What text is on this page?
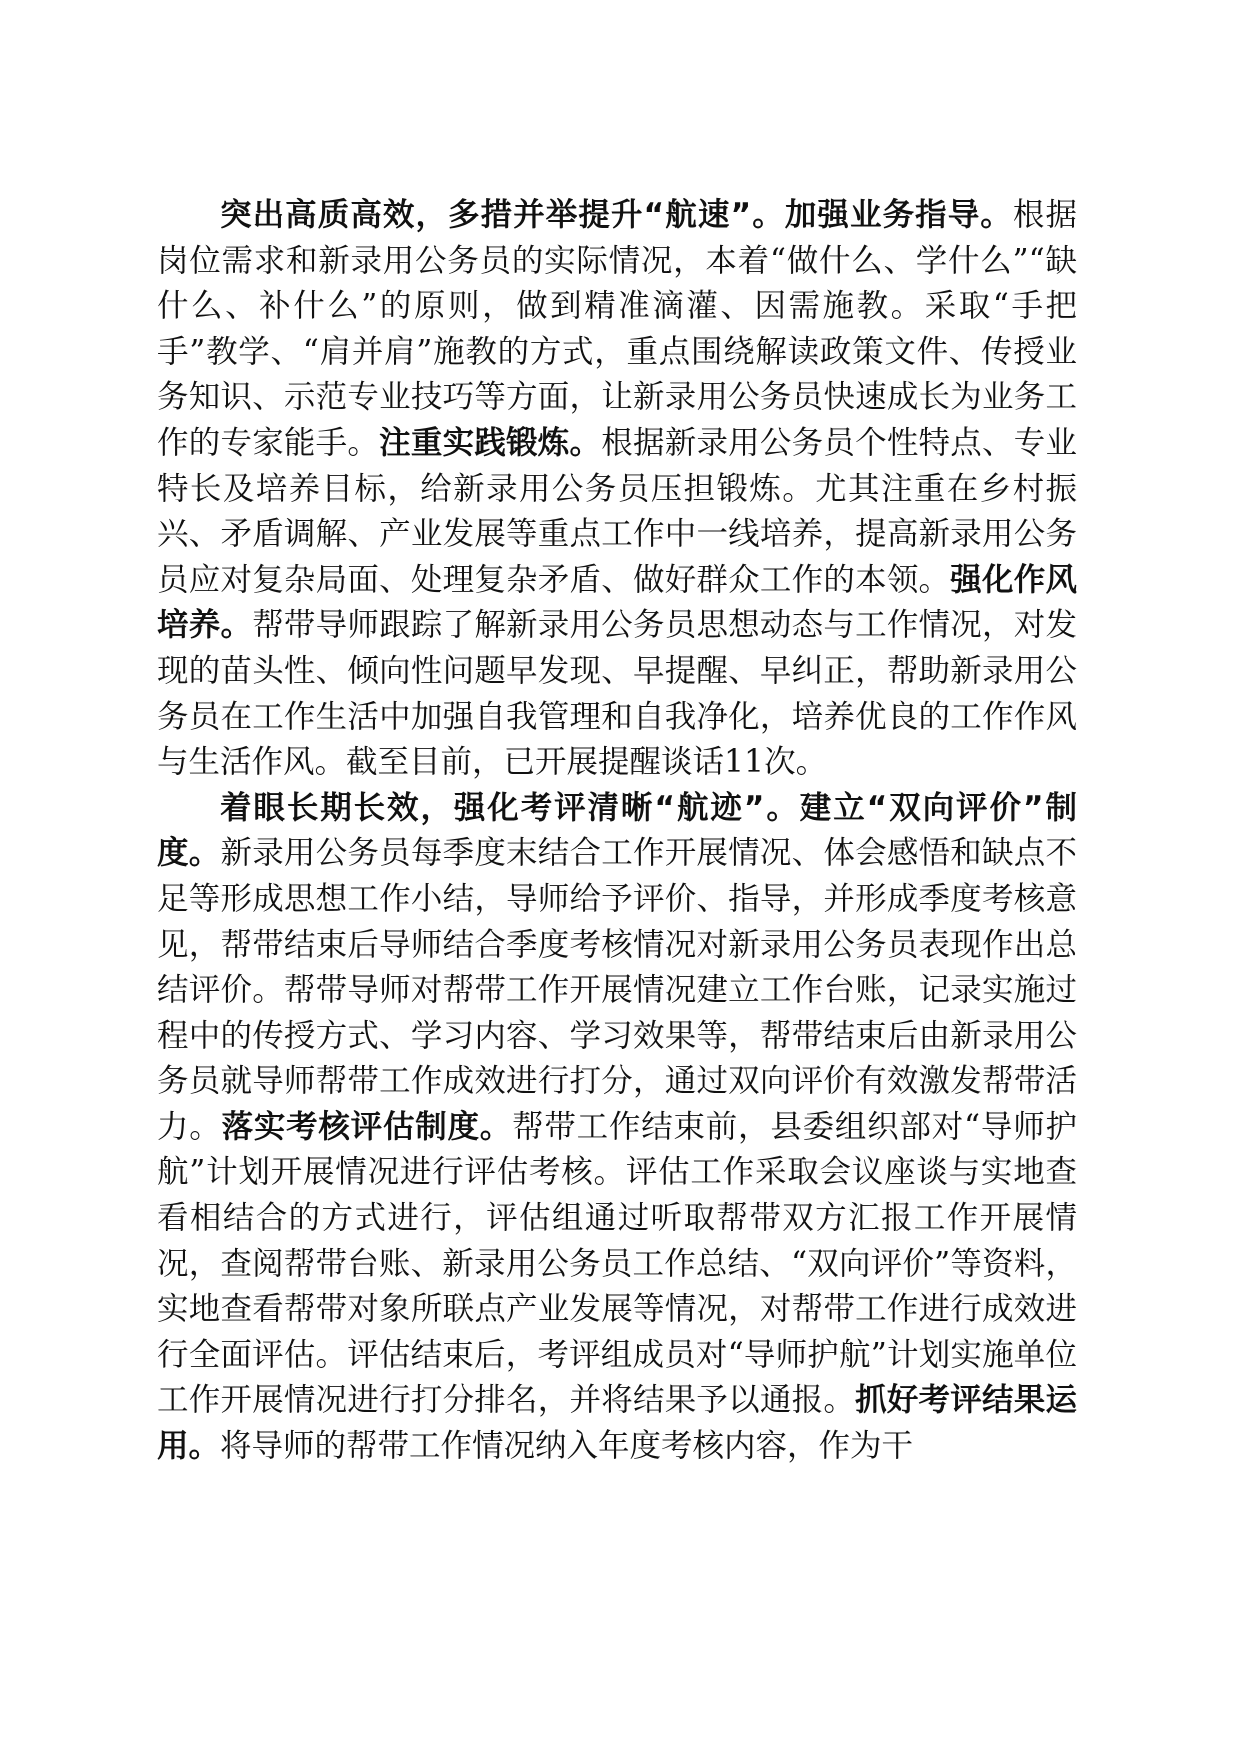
突出高质高效，多措并举提升“航速”。加强业务指导。根据岗位需求和新录用公务员的实际情况，本着“做什么、学什么”“缺什么、补什么”的原则，做到精准滴灌、因需施教。采取“手把手”教学、“肩并肩”施教的方式，重点围绕解读政策文件、传授业务知识、示范专业技巧等方面，让新录用公务员快速成长为业务工作的专家能手。注重实践锻炼。根据新录用公务员个性特点、专业特长及培养目标，给新录用公务员压担锻炼。尤其注重在乡村振兴、矛盾调解、产业发展等重点工作中一线培养，提高新录用公务员应对复杂局面、处理复杂矛盾、做好群众工作的本领。强化作风培养。帮带导师跟踪了解新录用公务员思想动态与工作情况，对发现的苗头性、倾向性问题早发现、早提醒、早纠正，帮助新录用公务员在工作生活中加强自我管理和自我净化，培养优良的工作作风与生活作风。截至目前，已开展提醒谈话11次。

着眼长期长效，强化考评清晰“航迹”。建立“双向评价”制度。新录用公务员每季度末结合工作开展情况、体会感悟和缺点不足等形成思想工作小结，导师给予评价、指导，并形成季度考核意见，帮带结束后导师结合季度考核情况对新录用公务员表现作出总结评价。帮带导师对帮带工作开展情况建立工作台账，记录实施过程中的传授方式、学习内容、学习效果等，帮带结束后由新录用公务员就导师帮带工作成效进行打分，通过双向评价有效激发帮带活力。落实考核评估制度。帮带工作结束前，县委组织部对“导师护航”计划开展情况进行评估考核。评估工作采取会议座谈与实地查看相结合的方式进行，评估组通过听取帮带双方汇报工作开展情况，查阅帮带台账、新录用公务员工作总结、“双向评价”等资料，实地查看帮带对象所联点产业发展等情况，对帮带工作进行成效进行全面评估。评估结束后，考评组成员对“导师护航”计划实施单位工作开展情况进行打分排名，并将结果予以通报。抓好考评结果运用。将导师的帮带工作情况纳入年度考核内容，作为干
